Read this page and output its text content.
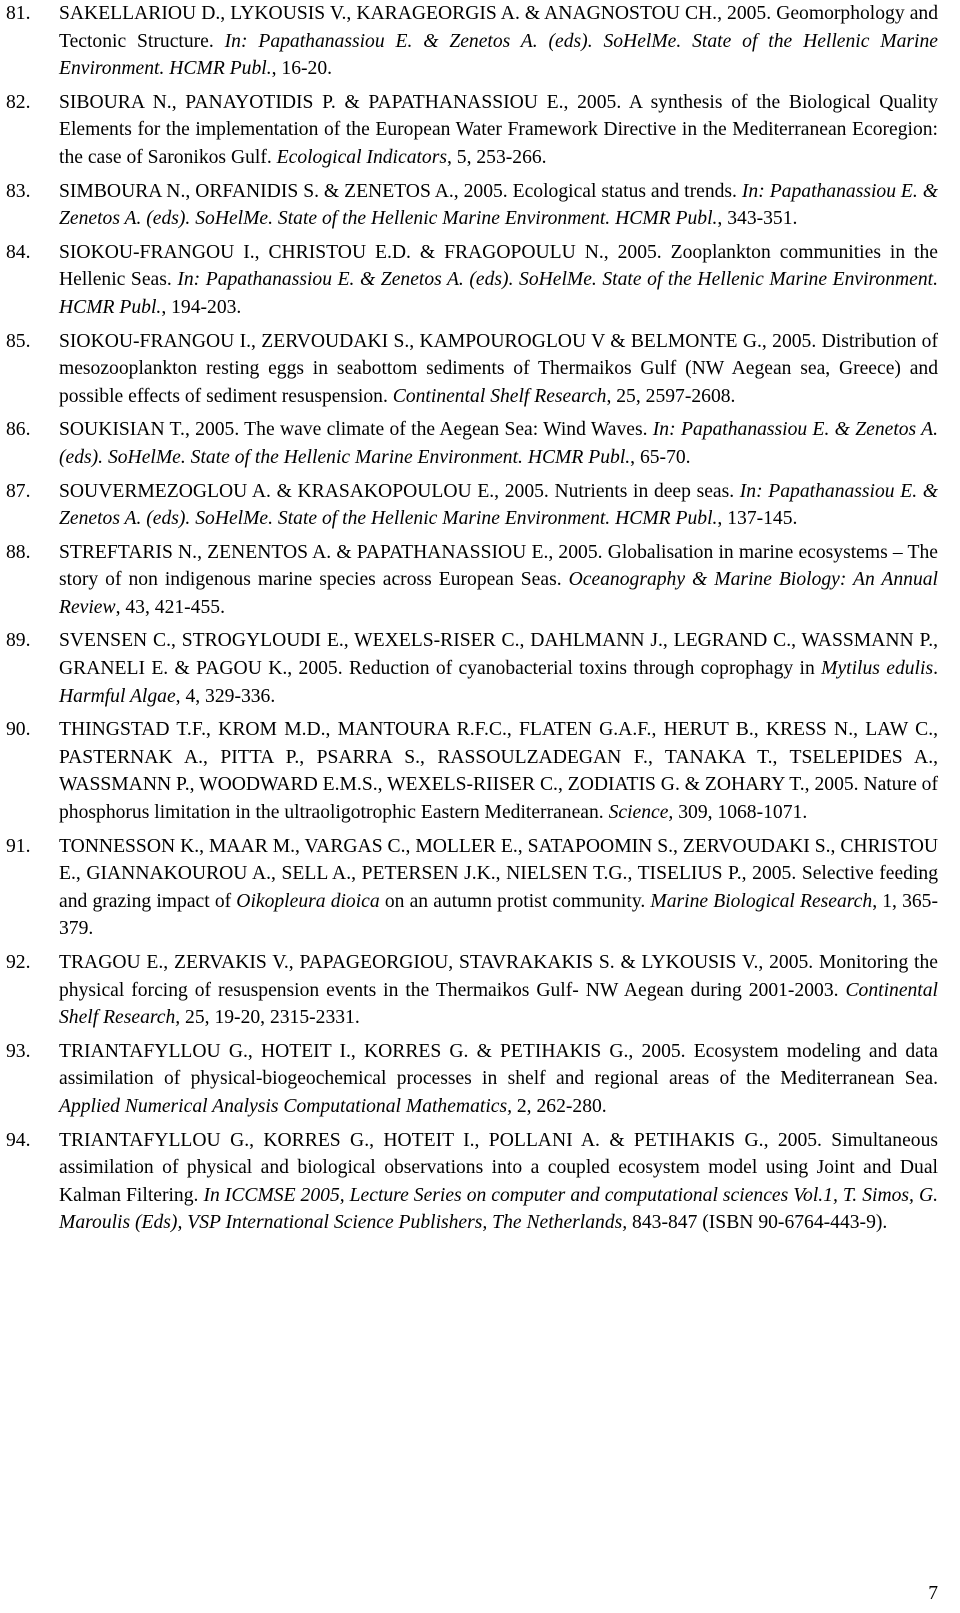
81.	SAKELLARIOU D., LYKOUSIS V., KARAGEORGIS A. & ANAGNOSTOU CH., 2005. Geomorphology and Tectonic Structure. In: Papathanassiou E. & Zenetos A. (eds). SoHelMe. State of the Hellenic Marine Environment. HCMR Publ., 16-20.
82.	SIBOURA N., PANAYOTIDIS P. & PAPATHANASSIOU E., 2005. A synthesis of the Biological Quality Elements for the implementation of the European Water Framework Directive in the Mediterranean Ecoregion: the case of Saronikos Gulf. Ecological Indicators, 5, 253-266.
83.	SIMBOURA N., ORFANIDIS S. & ZENETOS A., 2005. Ecological status and trends. In: Papathanassiou E. & Zenetos A. (eds). SoHelMe. State of the Hellenic Marine Environment. HCMR Publ., 343-351.
84.	SIOKOU-FRANGOU I., CHRISTOU E.D. & FRAGOPOULU N., 2005. Zooplankton communities in the Hellenic Seas. In: Papathanassiou E. & Zenetos A. (eds). SoHelMe. State of the Hellenic Marine Environment. HCMR Publ., 194-203.
85.	SIOKOU-FRANGOU I., ZERVOUDAKI S., KAMPOUROGLOU V & BELMONTE G., 2005. Distribution of mesozooplankton resting eggs in seabottom sediments of Thermaikos Gulf (NW Aegean sea, Greece) and possible effects of sediment resuspension. Continental Shelf Research, 25, 2597-2608.
86.	SOUKISIAN T., 2005. The wave climate of the Aegean Sea: Wind Waves. In: Papathanassiou E. & Zenetos A. (eds). SoHelMe. State of the Hellenic Marine Environment. HCMR Publ., 65-70.
87.	SOUVERMEZOGLOU A. & KRASAKOPOULOU E., 2005. Nutrients in deep seas. In: Papathanassiou E. & Zenetos A. (eds). SoHelMe. State of the Hellenic Marine Environment. HCMR Publ., 137-145.
88.	STREFTARIS N., ZENENTOS A. & PAPATHANASSIOU E., 2005. Globalisation in marine ecosystems – The story of non indigenous marine species across European Seas. Oceanography & Marine Biology: An Annual Review, 43, 421-455.
89.	SVENSEN C., STROGYLOUDI E., WEXELS-RISER C., DAHLMANN J., LEGRAND C., WASSMANN P., GRANELI E. & PAGOU K., 2005. Reduction of cyanobacterial toxins through coprophagy in Mytilus edulis. Harmful Algae, 4, 329-336.
90.	THINGSTAD T.F., KROM M.D., MANTOURA R.F.C., FLATEN G.A.F., HERUT B., KRESS N., LAW C., PASTERNAK A., PITTA P., PSARRA S., RASSOULZADEGAN F., TANAKA T., TSELEPIDES A., WASSMANN P., WOODWARD E.M.S., WEXELS-RIISER C., ZODIATIS G. & ZOHARY T., 2005. Nature of phosphorus limitation in the ultraoligotrophic Eastern Mediterranean. Science, 309, 1068-1071.
91.	TONNESSON K., MAAR M., VARGAS C., MOLLER E., SATAPOOMIN S., ZERVOUDAKI S., CHRISTOU E., GIANNAKOUROU A., SELL A., PETERSEN J.K., NIELSEN T.G., TISELIUS P., 2005. Selective feeding and grazing impact of Oikopleura dioica on an autumn protist community. Marine Biological Research, 1, 365-379.
92.	TRAGOU E., ZERVAKIS V., PAPAGEORGIOU, STAVRAKAKIS S. & LYKOUSIS V., 2005. Monitoring the physical forcing of resuspension events in the Thermaikos Gulf- NW Aegean during 2001-2003. Continental Shelf Research, 25, 19-20, 2315-2331.
93.	TRIANTAFYLLOU G., HOTEIT I., KORRES G. & PETIHAKIS G., 2005. Ecosystem modeling and data assimilation of physical-biogeochemical processes in shelf and regional areas of the Mediterranean Sea. Applied Numerical Analysis Computational Mathematics, 2, 262-280.
94.	TRIANTAFYLLOU G., KORRES G., HOTEIT I., POLLANI A. & PETIHAKIS G., 2005. Simultaneous assimilation of physical and biological observations into a coupled ecosystem model using Joint and Dual Kalman Filtering. In ICCMSE 2005, Lecture Series on computer and computational sciences Vol.1, T. Simos, G. Maroulis (Eds), VSP International Science Publishers, The Netherlands, 843-847 (ISBN 90-6764-443-9).
7
